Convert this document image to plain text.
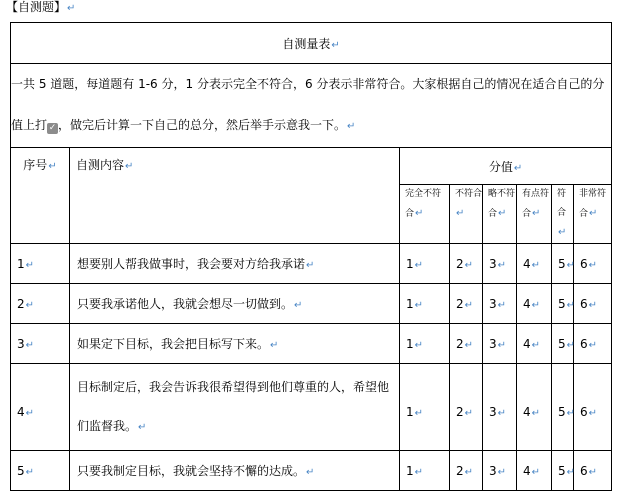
【自测题】↵
自测量表↵							
一共 5 道题，每道题有 1-6 分，1 分表示完全不符合，6 分表示非常符合。大家根据自己的情况在适合自己的分值上打 ✓ ，做完后计算一下自己的总分，然后举手示意我一下。↵							
序号↵	自测内容↵	分值↵					
		完全不符合↵	不符合↵	略不符合↵	有点符合↵	符合↵	非常符合↵
1↵	想要别人帮我做事时，我会要对方给我承诺↵	1↵	2↵	3↵	4↵	5↵	6↵
2↵	只要我承诺他人，我就会想尽一切做到。↵	1↵	2↵	3↵	4↵	5↵	6↵
3↵	如果定下目标，我会把目标写下来。↵	1↵	2↵	3↵	4↵	5↵	6↵
4↵	目标制定后，我会告诉我很希望得到他们尊重的人，希望他们监督我。↵	1↵	2↵	3↵	4↵	5↵	6↵
5↵	只要我制定目标，我就会坚持不懈的达成。↵	1↵	2↵	3↵	4↵	5↵	6↵
